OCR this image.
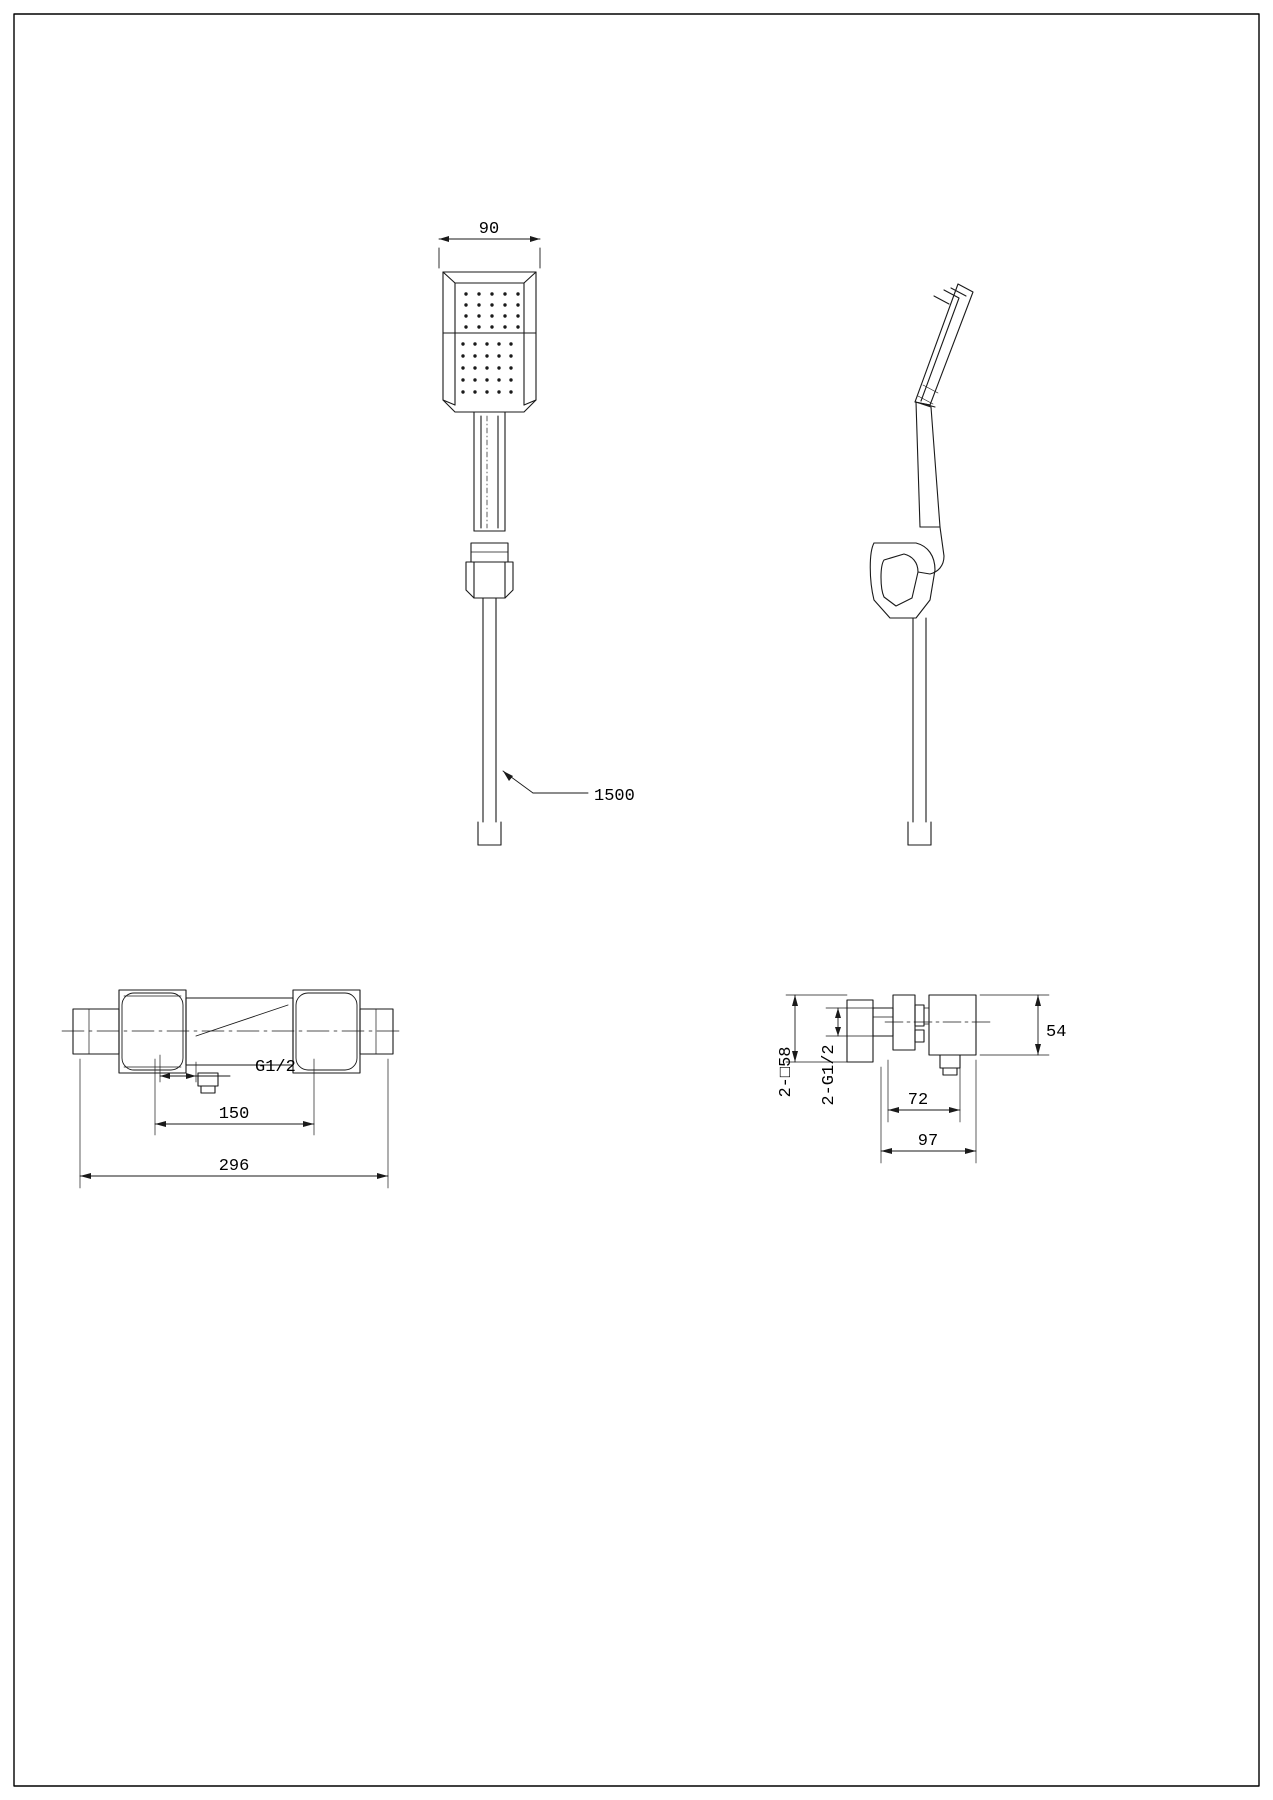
90
1500
G1/2
150
296
54
2-□58 2-G1/2	72
97
